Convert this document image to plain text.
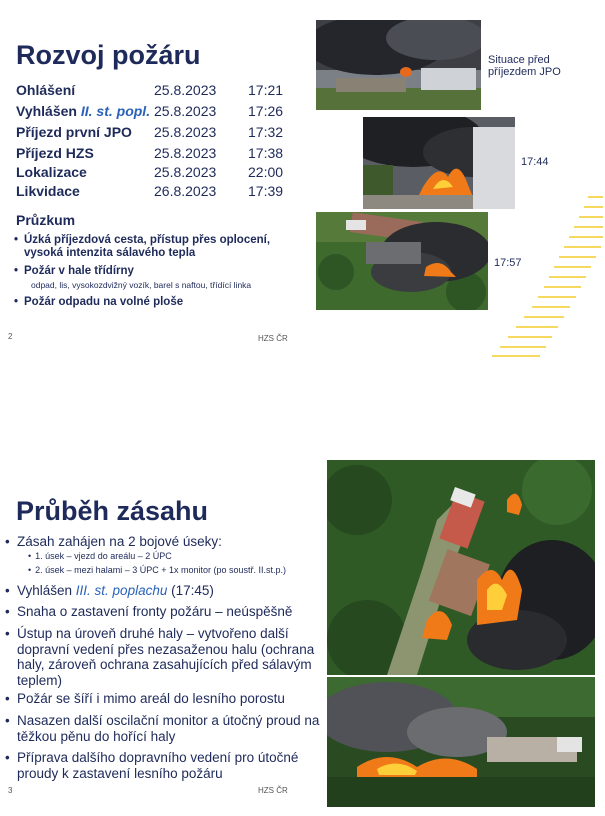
Rozvoj požáru
Ohlášení	25.8.2023 17:21
Vyhlášen II. st. popl. 25.8.2023 17:26
Příjezd první JPO 25.8.2023 17:32
Příjezd HZS	25.8.2023 17:38
Lokalizace	25.8.2023 22:00
Likvidace	26.8.2023 17:39
Průzkum
• Úzká příjezdová cesta, přístup přes oplocení,
vysoká intenzita sálavého tepla
• Požár v hale třídírny
odpad, lis, vysokozdvižný vozík, barel s naftou, třídící linka
• Požár odpadu na volné ploše
2	HZS ČR
Situace před
příjezdem JPO
17:44
17:57
Průběh zásahu
• Zásah zahájen na 2 bojové úseky:
• 1. úsek – vjezd do areálu – 2 ÚPC
• 2. úsek – mezi halami – 3 ÚPC + 1x monitor (po soustř. II.st.p.)
• Vyhlášen III. st. poplachu (17:45)
• Snaha o zastavení fronty požáru – neúspěšně
• Ústup na úroveň druhé haly – vytvořeno další dopravní vedení přes nezasaženou halu (ochrana haly, zároveň ochrana zasahujících před sálavým teplem)
• Požár se šíří i mimo areál do lesního porostu
• Nasazen další oscilační monitor a útočný proud na těžkou pěnu do hořící haly
• Příprava dalšího dopravního vedení pro útočné proudy k zastavení lesního požáru
3	HZS ČR
